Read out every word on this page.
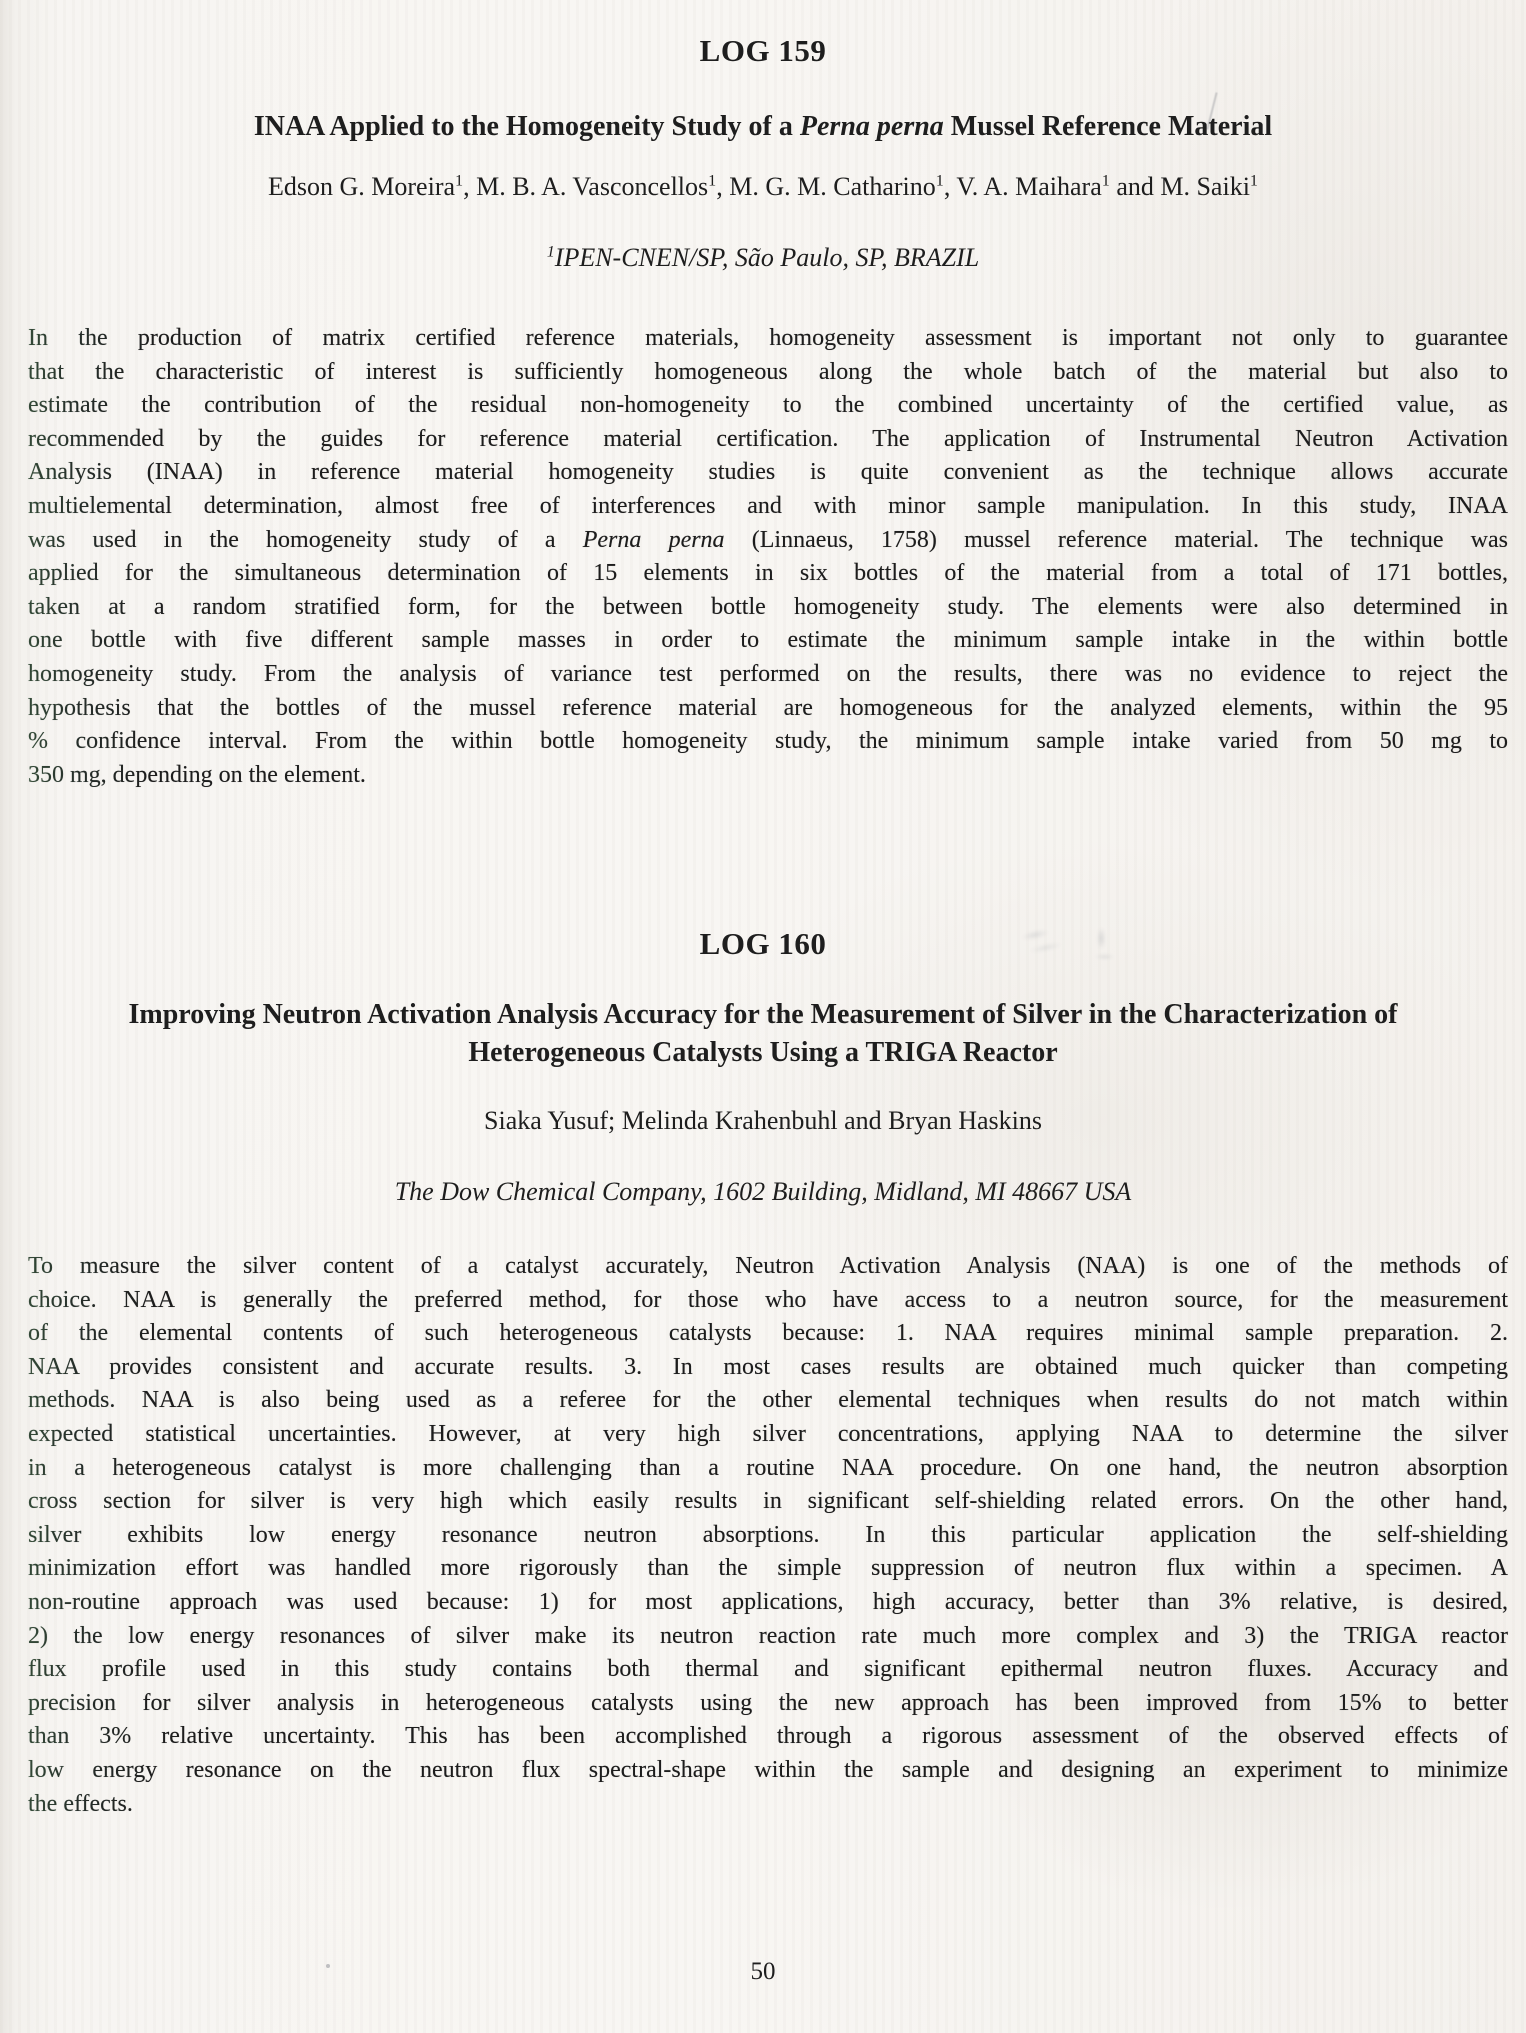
LOG 159
INAA Applied to the Homogeneity Study of a Perna perna Mussel Reference Material

Edson G. Moreira$^1$, M. B. A. Vasconcellos$^1$, M. G. M. Catharino$^1$, V. A. Maihara$^1$ and M. Saiki$^1$

$^1$IPEN-CNEN/SP, São Paulo, SP, BRAZIL

In the production of matrix certified reference materials, homogeneity assessment is important not only to guarantee
that the characteristic of interest is sufficiently homogeneous along the whole batch of the material but also to
estimate the contribution of the residual non-homogeneity to the combined uncertainty of the certified value, as
recommended by the guides for reference material certification. The application of Instrumental Neutron Activation
Analysis (INAA) in reference material homogeneity studies is quite convenient as the technique allows accurate
multielemental determination, almost free of interferences and with minor sample manipulation. In this study, INAA
was used in the homogeneity study of a Perna perna (Linnaeus, 1758) mussel reference material. The technique was
applied for the simultaneous determination of 15 elements in six bottles of the material from a total of 171 bottles,
taken at a random stratified form, for the between bottle homogeneity study. The elements were also determined in
one bottle with five different sample masses in order to estimate the minimum sample intake in the within bottle
homogeneity study. From the analysis of variance test performed on the results, there was no evidence to reject the
hypothesis that the bottles of the mussel reference material are homogeneous for the analyzed elements, within the 95
% confidence interval. From the within bottle homogeneity study, the minimum sample intake varied from 50 mg to
350 mg, depending on the element.
LOG 160
Improving Neutron Activation Analysis Accuracy for the Measurement of Silver in the Characterization of
Heterogeneous Catalysts Using a TRIGA Reactor

Siaka Yusuf; Melinda Krahenbuhl and Bryan Haskins

The Dow Chemical Company, 1602 Building, Midland, MI 48667 USA

To measure the silver content of a catalyst accurately, Neutron Activation Analysis (NAA) is one of the methods of
choice. NAA is generally the preferred method, for those who have access to a neutron source, for the measurement
of the elemental contents of such heterogeneous catalysts because: 1. NAA requires minimal sample preparation. 2.
NAA provides consistent and accurate results. 3. In most cases results are obtained much quicker than competing
methods. NAA is also being used as a referee for the other elemental techniques when results do not match within
expected statistical uncertainties. However, at very high silver concentrations, applying NAA to determine the silver
in a heterogeneous catalyst is more challenging than a routine NAA procedure. On one hand, the neutron absorption
cross section for silver is very high which easily results in significant self-shielding related errors. On the other hand,
silver exhibits low energy resonance neutron absorptions. In this particular application the self-shielding
minimization effort was handled more rigorously than the simple suppression of neutron flux within a specimen. A
non-routine approach was used because: 1) for most applications, high accuracy, better than 3% relative, is desired,
2) the low energy resonances of silver make its neutron reaction rate much more complex and 3) the TRIGA reactor
flux profile used in this study contains both thermal and significant epithermal neutron fluxes. Accuracy and
precision for silver analysis in heterogeneous catalysts using the new approach has been improved from 15% to better
than 3% relative uncertainty. This has been accomplished through a rigorous assessment of the observed effects of
low energy resonance on the neutron flux spectral-shape within the sample and designing an experiment to minimize
the effects.
50
